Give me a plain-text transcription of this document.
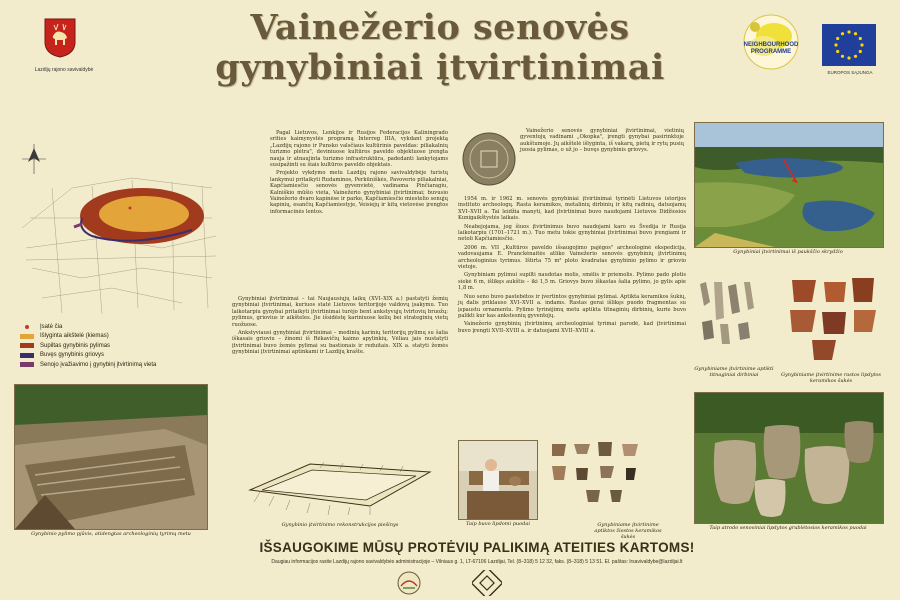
Vainežerio senovės
gynybiniai įtvirtinimai
Lazdijų rajono savivaldybė
NEIGHBOURHOOD PROGRAMME
EUROPOS SĄJUNGA
Įsatė čia
Išlyginta aikštelė (kiemas)
Supiltas gynybinis pylimas
Buvęs gynybinis griovys
Senojo įvažiavimo į gynybinį įtvirtinimą vieta
Gynybinio pylimo pjūvis, atidengtas archeologinių tyrimų metu

Pagal Lietuvos, Lenkijos ir Rusijos Federacijos Kaliningrado srities kaimynystės programą Interreg IIIA, vykdant projektą „Lazdijų rajono ir Punsko valsčiaus kultūrinis paveldas: piliakalnių turizmo plėtra", deviniuose kultūros paveldo objektuose įrengta nauja ir atnaujinta turizmo infrastruktūra, padedanti lankytojams susipažinti su šiais kultūros paveldo objektais.

Projekto vykdymo metu Lazdijų rajono savivaldybėje turistų lankymui pritaikyti Rudaminos, Perkūniškės, Pavoverio piliakalniai, Kapčiamiesčio senovės gyvenvietė, vadinama Pinčiaragiu, Kalniškio mūšio vieta, Vainežerio gynybiniai įtvirtinimai; buvusio Vainežerio dvaro kapinėse ir parke, Kapčiamiesčio miestelio senųjų kapinių, esančių Kapčiamiestyje, Veisiejų ir kitų vietovėse įrengtos informacinės lentos.

Gynybiniai įtvirtinimai – tai Naujausiųjų laikų (XVI–XIX a.) pastatyti žemių gynybiniai įtvirtinimai, kuriuos statė Lietuvos teritorijoje valdovų įsakymu. Tuo laikotarpiu gynybai pritaikyti įtvirtinimai turėjo bent ankstyvųjų tvirtovių bruožų: pylimus, griovius ir aikšteles. Jie išsidėstę kariniuose kelių bei strateginių vietų ruožuose.

Ankstyviausi gynybiniai įtvirtinimai – medinių karinių teritorijų pylimų su šalia iškasais grioviu – žinomi iš Rėkavičių kaimo apylinkių. Vėliau jais nustatyti įtvirtinimai buvo žemės pylimai su bastionais ir reduitais. XIX a. statyti žemės gynybiniai įtvirtinimai aptinkami ir Lazdijų krašte.

Vainežerio senovės gynybiniai įtvirtinimai, vietinių gyventojų vadinami „Okopka", įrengti gynybai pasirinktoje aukštumoje. Jų aikštelė išlyginta, iš vakarų, pietų ir rytų pusių juosia pylimas, o už jo – buvęs gynybinis griovys.

1954 m. ir 1962 m. senovės gynybiniai įtvirtinimai tyrinėti Lietuvos istorijos instituto archeologų. Rasta keramikos, metalinių dirbinių ir kitų radinių, datuojamų XVI–XVII a. Tai leidžia manyti, kad įtvirtinimai buvo naudojami Lietuvos Didžiosios Kunigaikštystės laikais.

Neabejojama, jog šiuos įtvirtinimus buvo naudojami karo su Švedija ir Rusija laikotarpiu (1701–1721 m.). Tuo metu tokie gynybiniai įtvirtinimai buvo įrengiami ir netoli Kapčiamiesčio.

2006 m. VII „Kultūros paveldo išsaugojimo pajėgos" archeologinė ekspedicija, vadovaujama E. Pranckėnaitės atliko Vainežerio senovės gynybinių įtvirtinimų archeologinius tyrimus. Ištirta 75 m² ploto kvadratas gynybinio pylimo ir griovio vietoje.

Gynybiniam pylimui supilti naudotas molis, smėlis ir priemolis. Pylimo pado plotis siekė 6 m, išlikęs aukštis – iki 1,5 m. Griovys buvo iškastas šalia pylimo, jo gylis apie 1,8 m.

Nuo seno buvo pastebėtos ir įvertintos gynybiniai pylimai. Aptikta keramikos šukių, jų dalis priklauso XVI–XVII a. indams. Rastas gerai išlikęs puodo fragmentas su įspaustu ornamentu. Pylimo tyrinėjimų metu aptikta titnaginių dirbinių, kurie buvo palikti kur kas ankstesnių gyventojų.

Vainežerio gynybinių įtvirtinimų archeologiniai tyrimai parodė, kad įtvirtinimai buvo įrengti XVII–XVIII a. ir datuojami XVII–XVIII a.

Gynybinio įtvirtinimo rekonstrukcijos piešinys	Taip buvo lipdomi puodai	Gynybiniame įtvirtinime aptiktos žiestos keramikos šukės
Gynybiniai įtvirtinimai iš paukščio skrydžio
Gynybiniame įtvirtinime aptikti titnaginiai dirbiniai	Gynybiniame įtvirtinime rastos lipdytos keramikos šukės
Taip atrodo senoviniai lipdytos grublėtosios keramikos puodai
IŠSAUGOKIME MŪSŲ PROTĖVIŲ PALIKIMĄ ATEITIES KARTOMS!
Daugiau informacijos rasite Lazdijų rajono savivaldybės administracijoje – Vilniaus g. 1, LT-67106 Lazdijai, Tel. (8–318) 5 12 32, faks. (8–318) 5 13 51. El. paštas: lrsavivaldybe@lazdijai.lt
